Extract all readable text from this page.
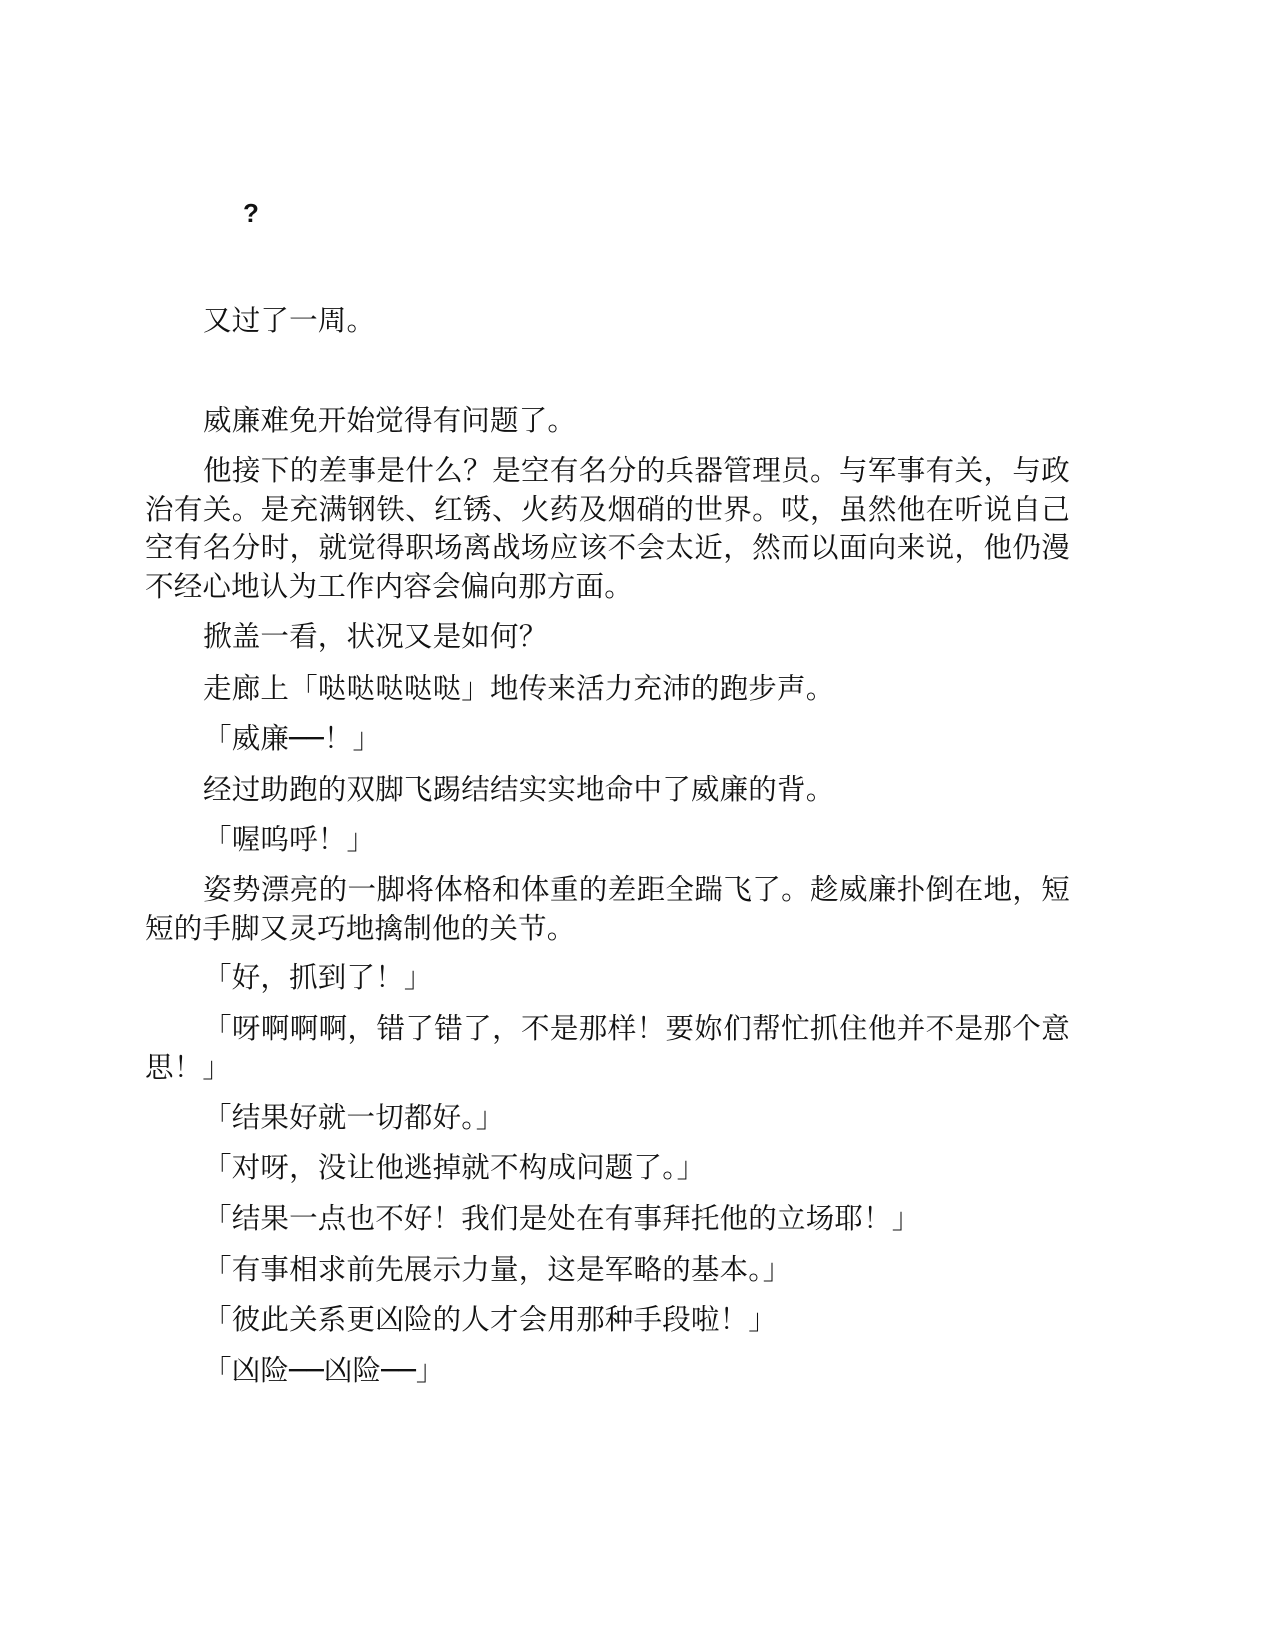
?

又过了一周。

威廉难免开始觉得有问题了。

他接下的差事是什么？是空有名分的兵器管理员。与军事有关，与政治有关。是充满钢铁、红锈、火药及烟硝的世界。哎，虽然他在听说自己空有名分时，就觉得职场离战场应该不会太近，然而以面向来说，他仍漫不经心地认为工作内容会偏向那方面。

掀盖一看，状况又是如何？

走廊上「哒哒哒哒哒」地传来活力充沛的跑步声。

「威廉──！」

经过助跑的双脚飞踢结结实实地命中了威廉的背。

「喔呜呼！」

姿势漂亮的一脚将体格和体重的差距全踹飞了。趁威廉扑倒在地，短短的手脚又灵巧地擒制他的关节。

「好，抓到了！」

「呀啊啊啊，错了错了，不是那样！要妳们帮忙抓住他并不是那个意思！」

「结果好就一切都好。」

「对呀，没让他逃掉就不构成问题了。」

「结果一点也不好！我们是处在有事拜托他的立场耶！」

「有事相求前先展示力量，这是军略的基本。」

「彼此关系更凶险的人才会用那种手段啦！」

「凶险──凶险──」
